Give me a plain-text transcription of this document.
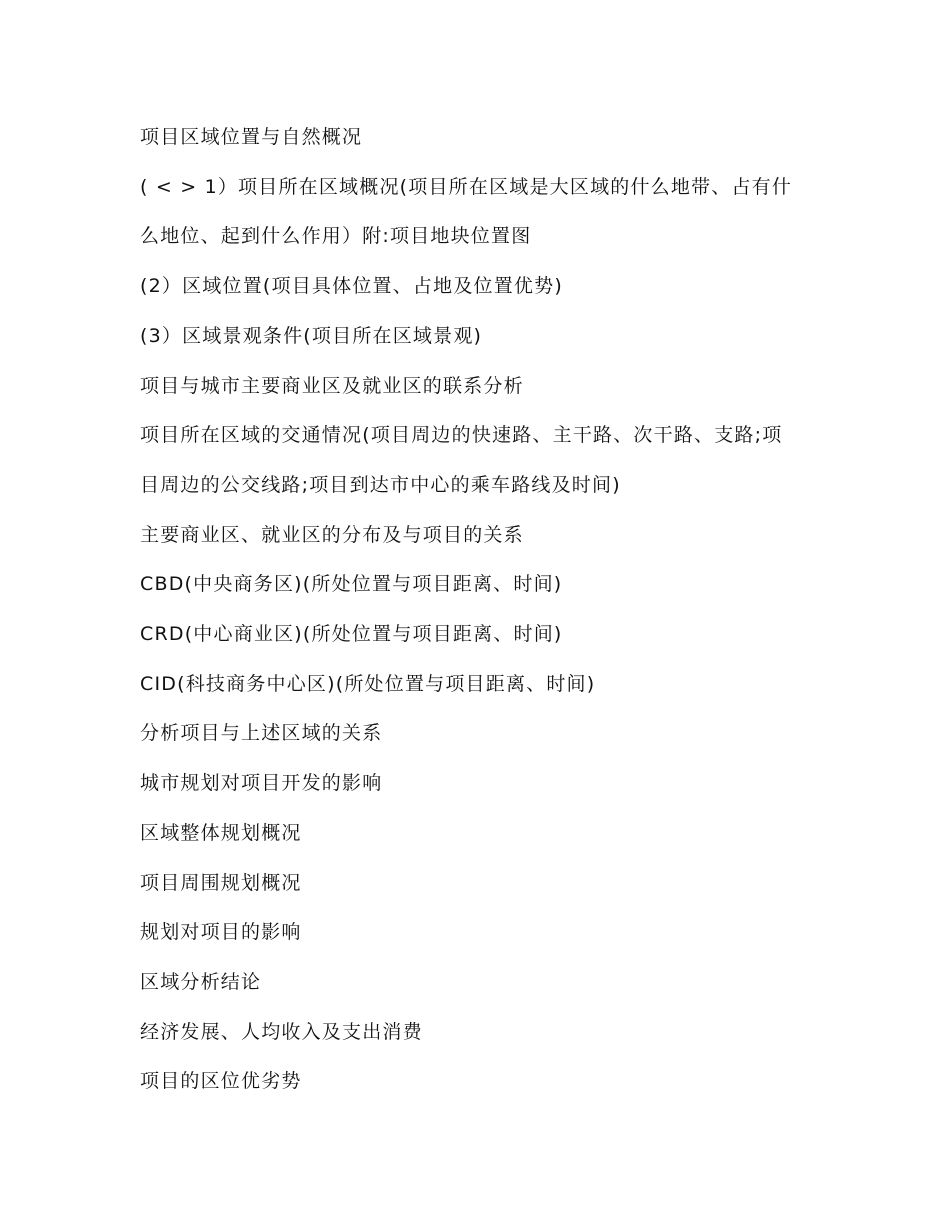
项目区域位置与自然概况

( < > 1）项目所在区域概况(项目所在区域是大区域的什么地带、占有什

么地位、起到什么作用）附:项目地块位置图

(2）区域位置(项目具体位置、占地及位置优势)

(3）区域景观条件(项目所在区域景观)

项目与城市主要商业区及就业区的联系分析

项目所在区域的交通情况(项目周边的快速路、主干路、次干路、支路;项

目周边的公交线路;项目到达市中心的乘车路线及时间)

主要商业区、就业区的分布及与项目的关系

CBD(中央商务区)(所处位置与项目距离、时间)

CRD(中心商业区)(所处位置与项目距离、时间)

CID(科技商务中心区)(所处位置与项目距离、时间)

分析项目与上述区域的关系

城市规划对项目开发的影响

区域整体规划概况

项目周围规划概况

规划对项目的影响

区域分析结论

经济发展、人均收入及支出消费

项目的区位优劣势
